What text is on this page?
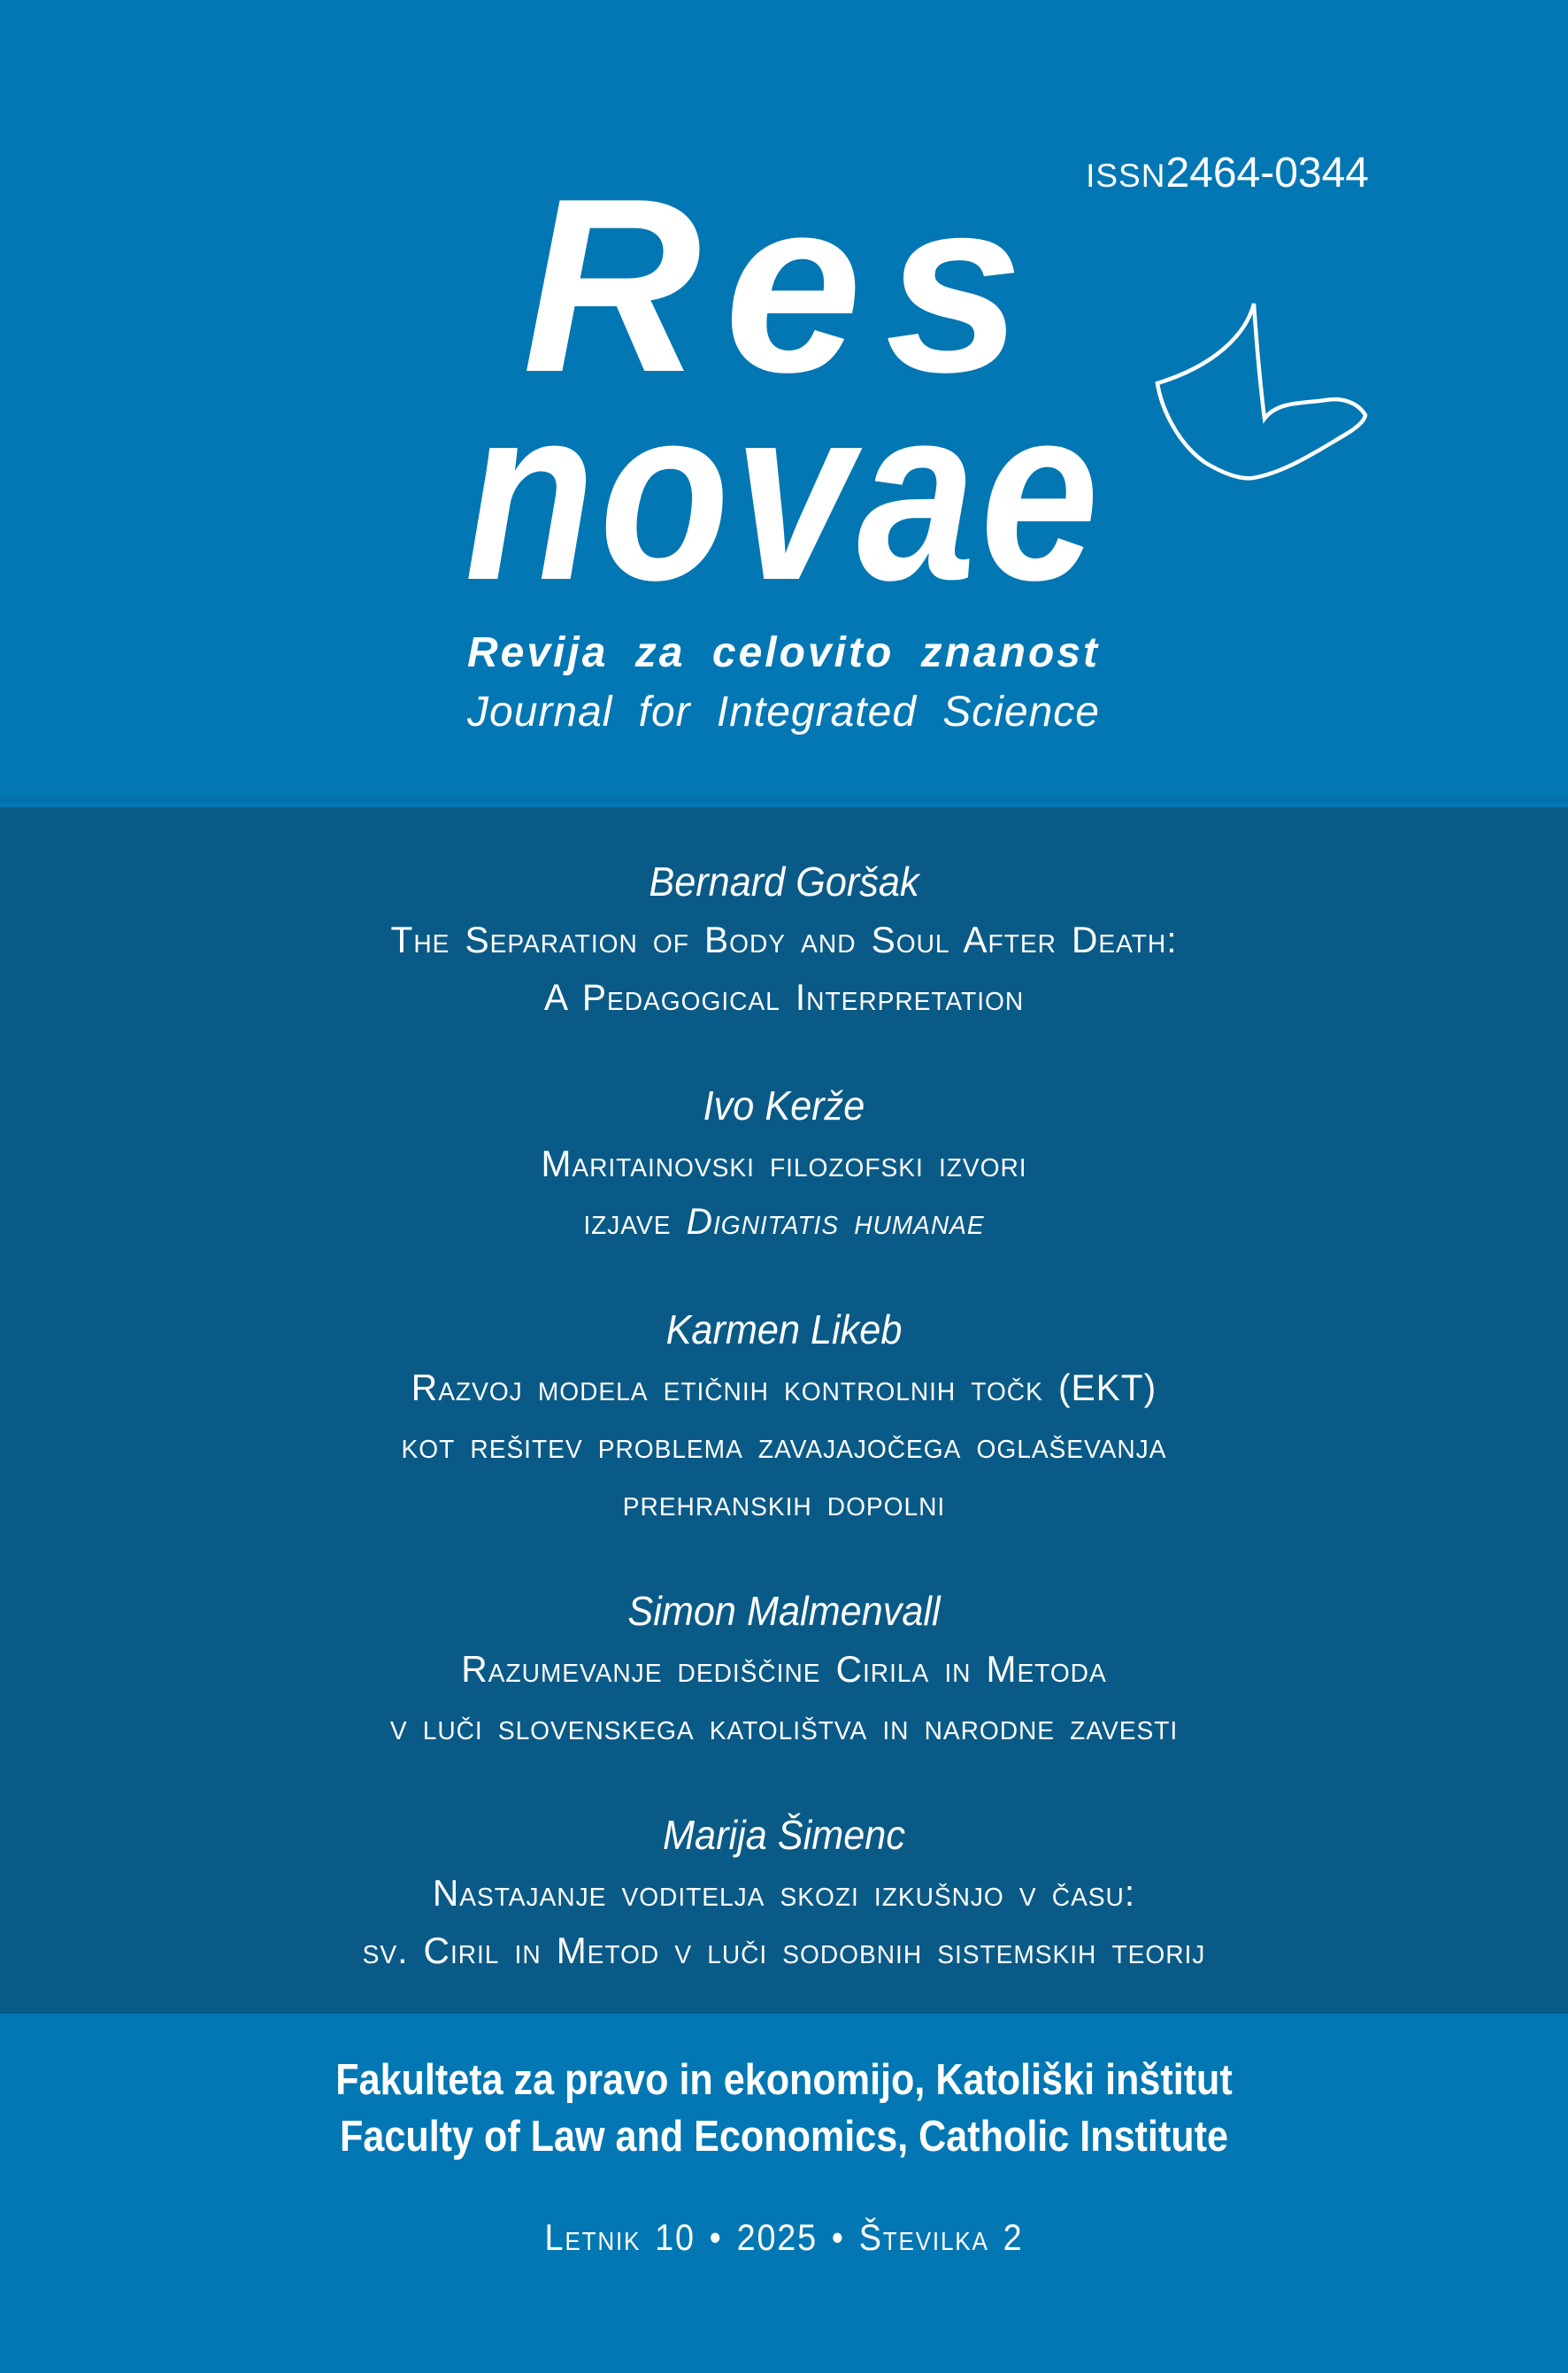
ISSN 2464-0344
Res
novae
Revija za celovito znanost
Journal for Integrated Science
Bernard Goršak
The Separation of Body and Soul After Death:
A Pedagogical Interpretation
Ivo Kerže
Maritainovski filozofski izvori
izjave Dignitatis humanae
Karmen Likeb
Razvoj modela etičnih kontrolnih točk (EKT)
kot rešitev problema zavajajočega oglaševanja
prehranskih dopolni
Simon Malmenvall
Razumevanje dediščine Cirila in Metoda
v luči slovenskega katolištva in narodne zavesti
Marija Šimenc
Nastajanje voditelja skozi izkušnjo v času:
sv. Ciril in Metod v luči sodobnih sistemskih teorij
Fakulteta za pravo in ekonomijo, Katoliški inštitut
Faculty of Law and Economics, Catholic Institute
Letnik 10 • 2025 • Številka 2
